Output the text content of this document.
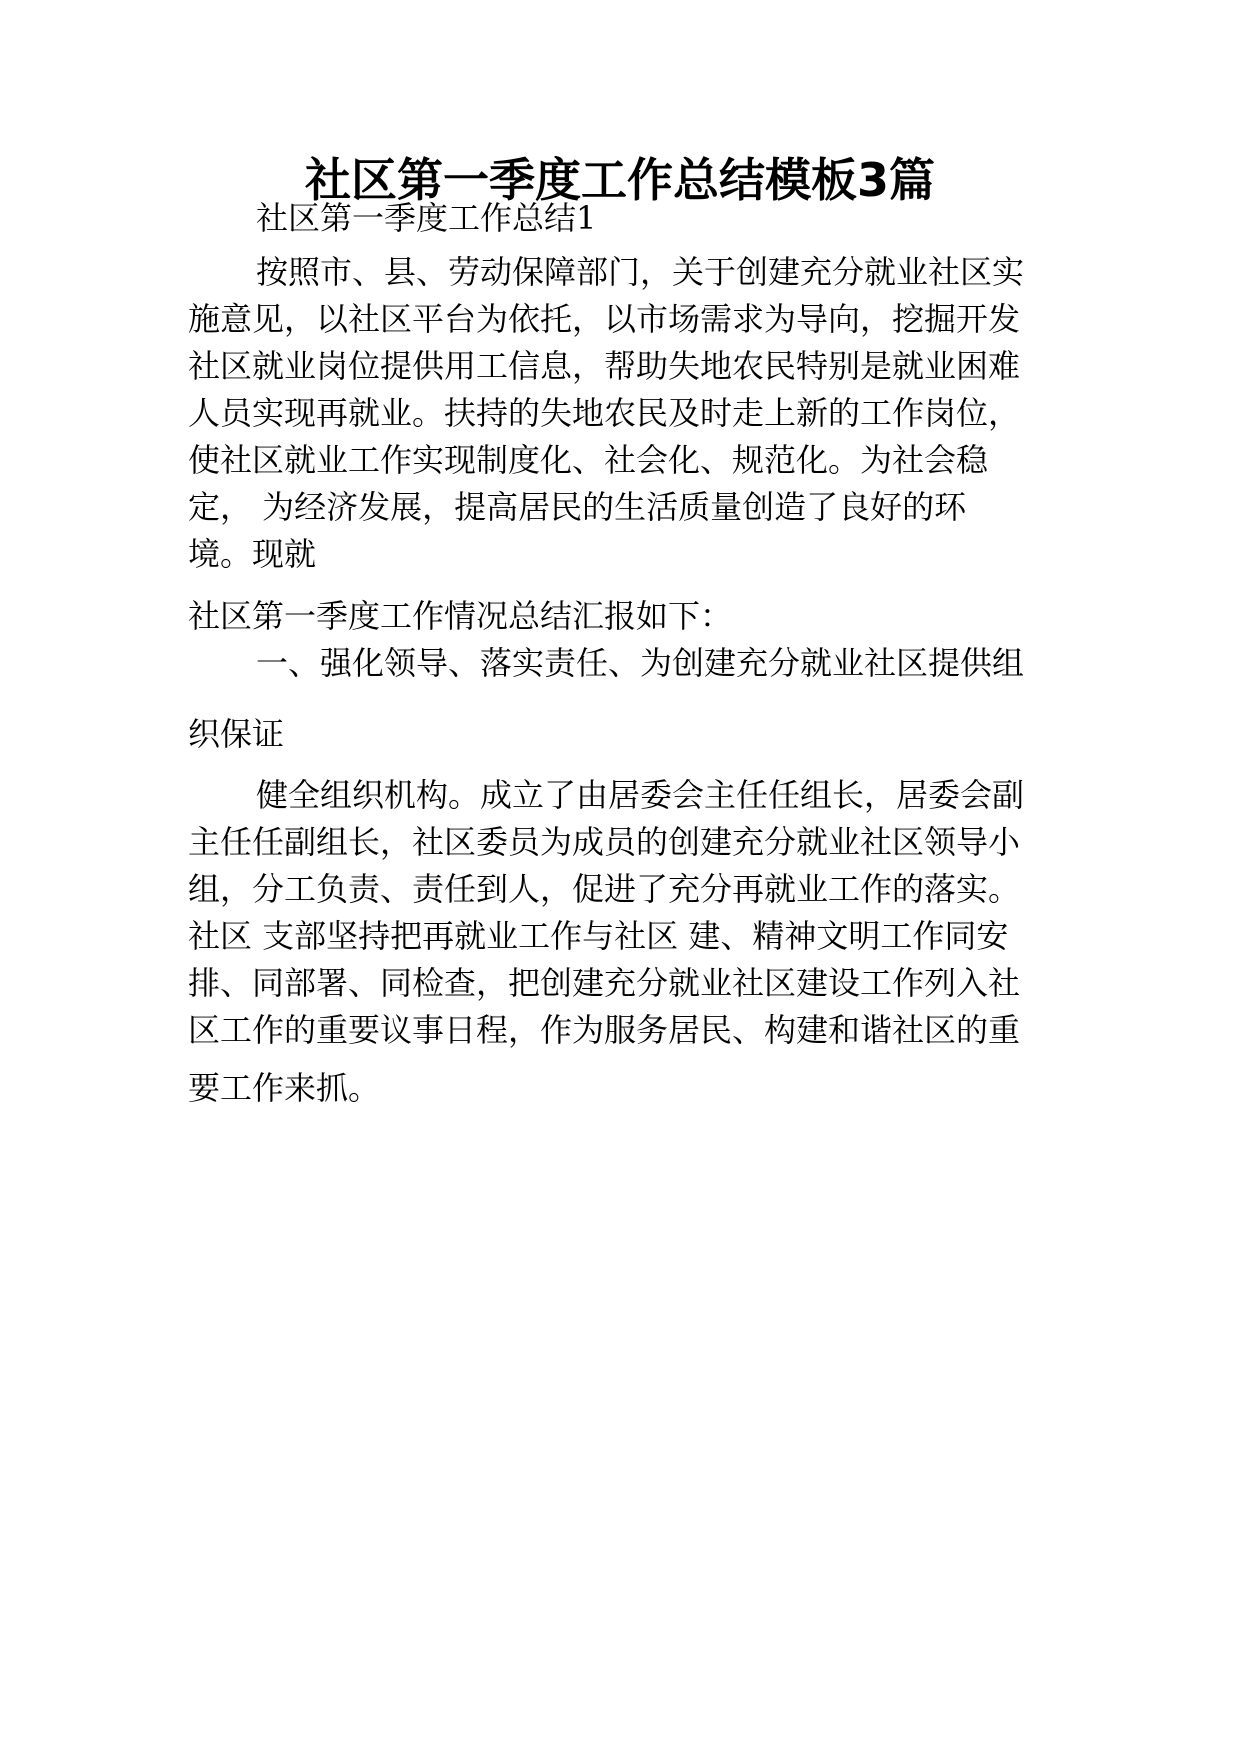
社区第一季度工作总结模板3篇
社区第一季度工作总结1
按照市、县、劳动保障部门，关于创建充分就业社区实
施意见，以社区平台为依托，以市场需求为导向，挖掘开发
社区就业岗位提供用工信息，帮助失地农民特别是就业困难
人员实现再就业。扶持的失地农民及时走上新的工作岗位，
使社区就业工作实现制度化、社会化、规范化。为社会稳
定， 为经济发展，提高居民的生活质量创造了良好的环
境。现就
社区第一季度工作情况总结汇报如下：
一、强化领导、落实责任、为创建充分就业社区提供组
织保证
健全组织机构。成立了由居委会主任任组长，居委会副
主任任副组长，社区委员为成员的创建充分就业社区领导小
组，分工负责、责任到人，促进了充分再就业工作的落实。
社区 支部坚持把再就业工作与社区 建、精神文明工作同安
排、同部署、同检查，把创建充分就业社区建设工作列入社
区工作的重要议事日程，作为服务居民、构建和谐社区的重
要工作来抓。
